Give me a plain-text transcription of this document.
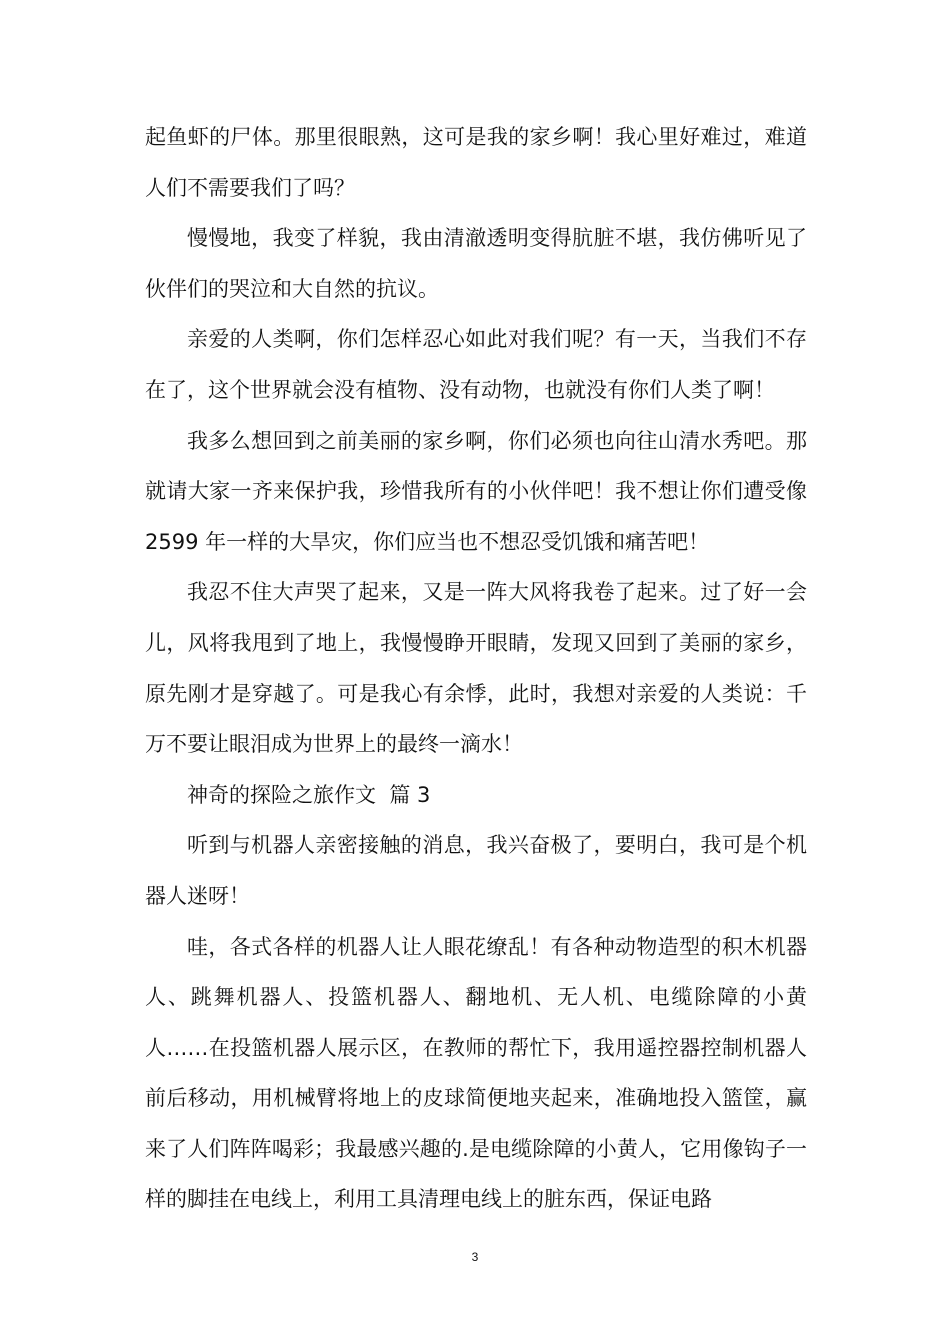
起鱼虾的尸体。那里很眼熟，这可是我的家乡啊！我心里好难过，难道人们不需要我们了吗？

慢慢地，我变了样貌，我由清澈透明变得肮脏不堪，我仿佛听见了伙伴们的哭泣和大自然的抗议。

亲爱的人类啊，你们怎样忍心如此对我们呢？有一天，当我们不存在了，这个世界就会没有植物、没有动物，也就没有你们人类了啊！

我多么想回到之前美丽的家乡啊，你们必须也向往山清水秀吧。那就请大家一齐来保护我，珍惜我所有的小伙伴吧！我不想让你们遭受像 2599 年一样的大旱灾，你们应当也不想忍受饥饿和痛苦吧！

我忍不住大声哭了起来，又是一阵大风将我卷了起来。过了好一会儿，风将我甩到了地上，我慢慢睁开眼睛，发现又回到了美丽的家乡，原先刚才是穿越了。可是我心有余悸，此时，我想对亲爱的人类说：千万不要让眼泪成为世界上的最终一滴水！

神奇的探险之旅作文  篇 3

听到与机器人亲密接触的消息，我兴奋极了，要明白，我可是个机器人迷呀！

哇，各式各样的机器人让人眼花缭乱！有各种动物造型的积木机器人、跳舞机器人、投篮机器人、翻地机、无人机、电缆除障的小黄人……在投篮机器人展示区，在教师的帮忙下，我用遥控器控制机器人前后移动，用机械臂将地上的皮球简便地夹起来，准确地投入篮筐，赢来了人们阵阵喝彩；我最感兴趣的.是电缆除障的小黄人，它用像钩子一样的脚挂在电线上，利用工具清理电线上的脏东西，保证电路

3
